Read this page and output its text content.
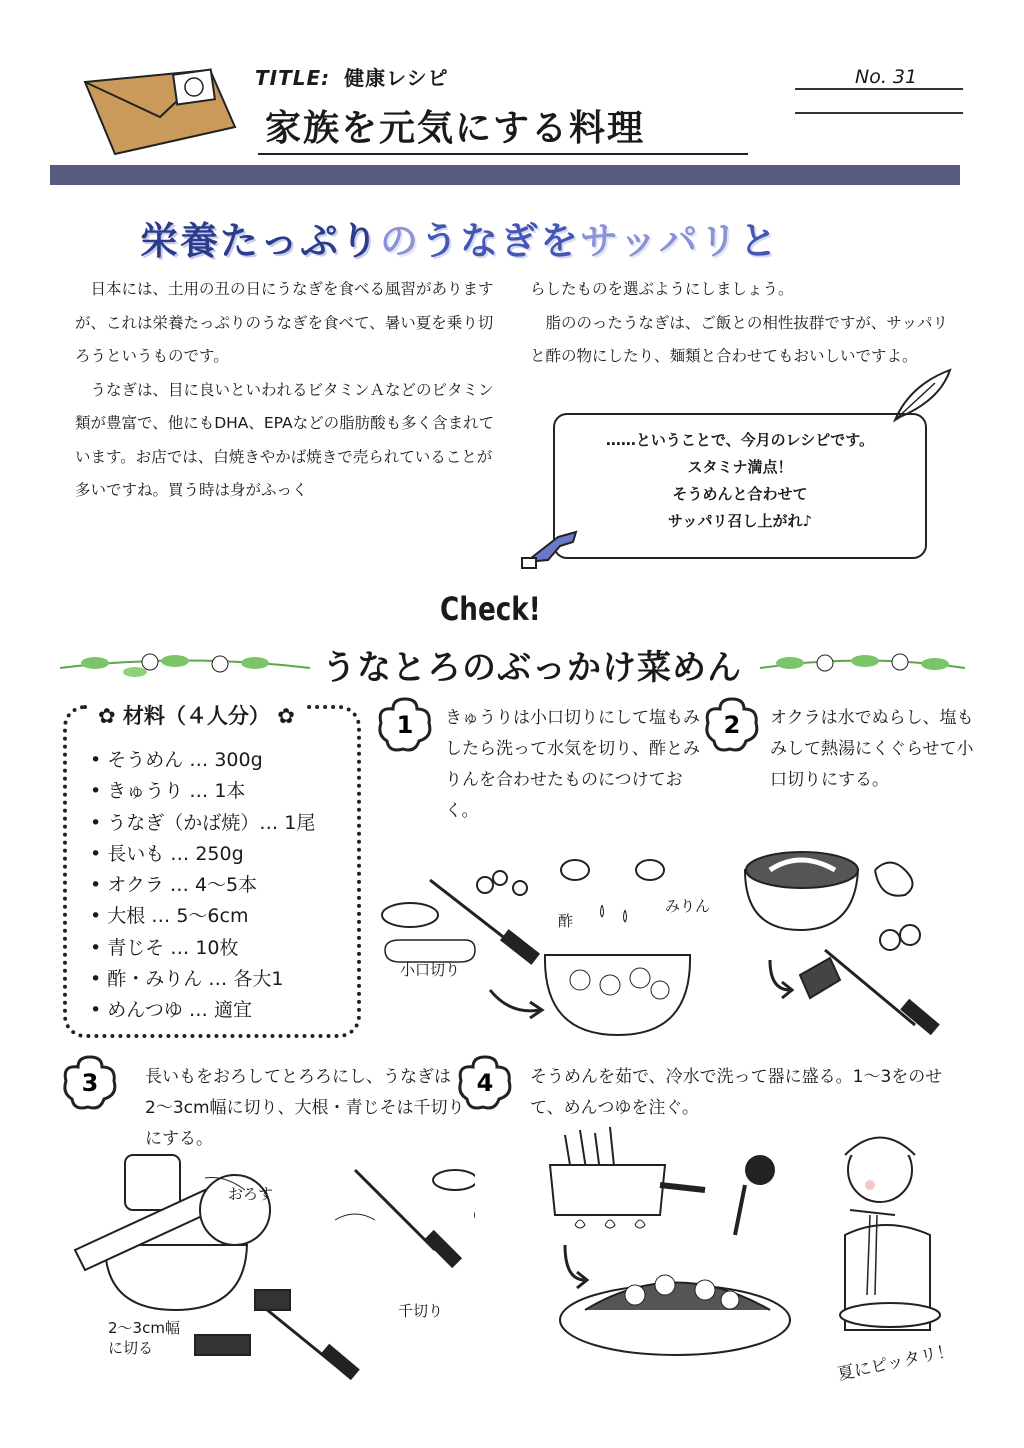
TITLE: 健康レシピ
家族を元気にする料理
No. 31
栄養たっぷりのうなぎをサッパリと

日本には、土用の丑の日にうなぎを食べる風習がありますが、これは栄養たっぷりのうなぎを食べて、暑い夏を乗り切ろうというものです。

うなぎは、目に良いといわれるビタミンＡなどのビタミン類が豊富で、他にもDHA、EPAなどの脂肪酸も多く含まれています。お店では、白焼きやかば焼きで売られていることが多いですね。買う時は身がふっく

らしたものを選ぶようにしましょう。

脂ののったうなぎは、ご飯との相性抜群ですが、サッパリと酢の物にしたり、麺類と合わせてもおいしいですよ。

……ということで、今月のレシピです。
スタミナ満点！
そうめんと合わせて
サッパリ召し上がれ♪
Check!
うなとろのぶっかけ菜めん
✿ 材料（４人分） ✿
• そうめん … 300g
• きゅうり … 1本
• うなぎ（かば焼）… 1尾
• 長いも … 250g
• オクラ … 4〜5本
• 大根 … 5〜6cm
• 青じそ … 10枚
• 酢・みりん … 各大1
• めんつゆ … 適宜
1 きゅうりは小口切りにして塩もみしたら洗って水気を切り、酢とみりんを合わせたものにつけておく。
2 オクラは水でぬらし、塩もみして熱湯にくぐらせて小口切りにする。
酢
みりん
小口切り
3	長いもをおろしてとろろにし、うなぎは2〜3cm幅に切り、大根・青じそは千切りにする。
おろす
2〜3cm幅に切る
千切り
4 そうめんを茹で、冷水で洗って器に盛る。1〜3をのせて、めんつゆを注ぐ。
夏にピッタリ！
